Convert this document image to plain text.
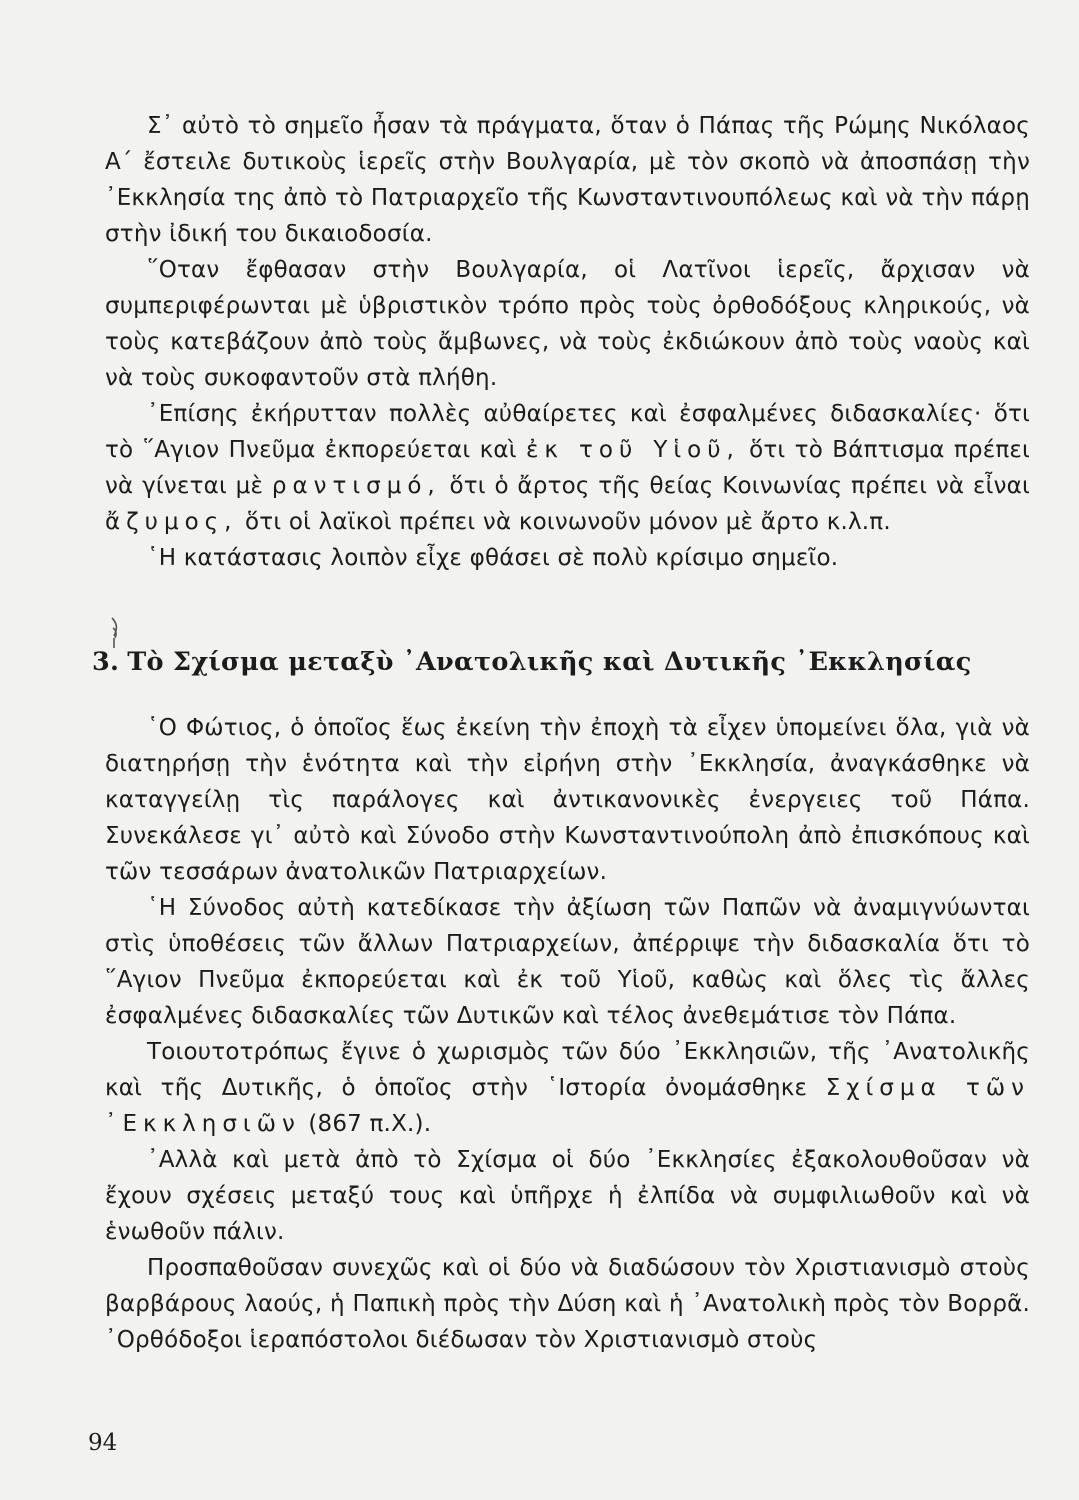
Σ᾿ αὐτὸ τὸ σημεῖο ἦσαν τὰ πράγματα, ὅταν ὁ Πάπας τῆς Ρώμης Νικόλαος Α΄ ἔστειλε δυτικοὺς ἱερεῖς στὴν Βουλγαρία, μὲ τὸν σκοπὸ νὰ ἀποσπάσῃ τὴν ᾿Εκκλησία της ἀπὸ τὸ Πατριαρχεῖο τῆς Κωνσταντινουπόλεως καὶ νὰ τὴν πάρῃ στὴν ἰδική του δικαιοδοσία.

῞Οταν ἔφθασαν στὴν Βουλγαρία, οἱ Λατῖνοι ἱερεῖς, ἄρχισαν νὰ συμπεριφέρωνται μὲ ὑβριστικὸν τρόπο πρὸς τοὺς ὀρθοδόξους κληρικούς, νὰ τοὺς κατεβάζουν ἀπὸ τοὺς ἄμβωνες, νὰ τοὺς ἐκδιώκουν ἀπὸ τοὺς ναοὺς καὶ νὰ τοὺς συκοφαντοῦν στὰ πλήθη.

᾿Επίσης ἐκήρυτταν πολλὲς αὐθαίρετες καὶ ἐσφαλμένες διδασκαλίες· ὅτι τὸ ῞Αγιον Πνεῦμα ἐκπορεύεται καὶ ἐκ τοῦ Υἱοῦ, ὅτι τὸ Βάπτισμα πρέπει νὰ γίνεται μὲ ραντισμό, ὅτι ὁ ἄρτος τῆς θείας Κοινωνίας πρέπει νὰ εἶναι ἄζυμος, ὅτι οἱ λαϊκοὶ πρέπει νὰ κοινωνοῦν μόνον μὲ ἄρτο κ.λ.π.

῾Η κατάστασις λοιπὸν εἶχε φθάσει σὲ πολὺ κρίσιμο σημεῖο.

3. Τὸ Σχίσμα μεταξὺ ᾿Ανατολικῆς καὶ Δυτικῆς ᾿Εκκλησίας

῾Ο Φώτιος, ὁ ὁποῖος ἕως ἐκείνη τὴν ἐποχὴ τὰ εἶχεν ὑπομείνει ὅλα, γιὰ νὰ διατηρήσῃ τὴν ἑνότητα καὶ τὴν εἰρήνη στὴν ᾿Εκκλησία, ἀναγκάσθηκε νὰ καταγγείλῃ τὶς παράλογες καὶ ἀντικανονικὲς ἐνεργειες τοῦ Πάπα. Συνεκάλεσε γι᾿ αὐτὸ καὶ Σύνοδο στὴν Κωνσταντινούπολη ἀπὸ ἐπισκόπους καὶ τῶν τεσσάρων ἀνατολικῶν Πατριαρχείων.

῾Η Σύνοδος αὐτὴ κατεδίκασε τὴν ἀξίωση τῶν Παπῶν νὰ ἀναμιγνύωνται στὶς ὑποθέσεις τῶν ἄλλων Πατριαρχείων, ἀπέρριψε τὴν διδασκαλία ὅτι τὸ ῞Αγιον Πνεῦμα ἐκπορεύεται καὶ ἐκ τοῦ Υἱοῦ, καθὼς καὶ ὅλες τὶς ἄλλες ἐσφαλμένες διδασκαλίες τῶν Δυτικῶν καὶ τέλος ἀνεθεμάτισε τὸν Πάπα.

Τοιουτοτρόπως ἔγινε ὁ χωρισμὸς τῶν δύο ᾿Εκκλησιῶν, τῆς ᾿Ανατολικῆς καὶ τῆς Δυτικῆς, ὁ ὁποῖος στὴν ῾Ιστορία ὀνομάσθηκε Σχίσμα τῶν ᾿Εκκλησιῶν (867 π.Χ.).

᾿Αλλὰ καὶ μετὰ ἀπὸ τὸ Σχίσμα οἱ δύο ᾿Εκκλησίες ἐξακολουθοῦσαν νὰ ἔχουν σχέσεις μεταξύ τους καὶ ὑπῆρχε ἡ ἐλπίδα νὰ συμφιλιωθοῦν καὶ νὰ ἑνωθοῦν πάλιν.

Προσπαθοῦσαν συνεχῶς καὶ οἱ δύο νὰ διαδώσουν τὸν Χριστιανισμὸ στοὺς βαρβάρους λαούς, ἡ Παπικὴ πρὸς τὴν Δύση καὶ ἡ ᾿Ανατολικὴ πρὸς τὸν Βορρᾶ. ᾿Ορθόδοξοι ἱεραπόστολοι διέδωσαν τὸν Χριστιανισμὸ στοὺς

94
